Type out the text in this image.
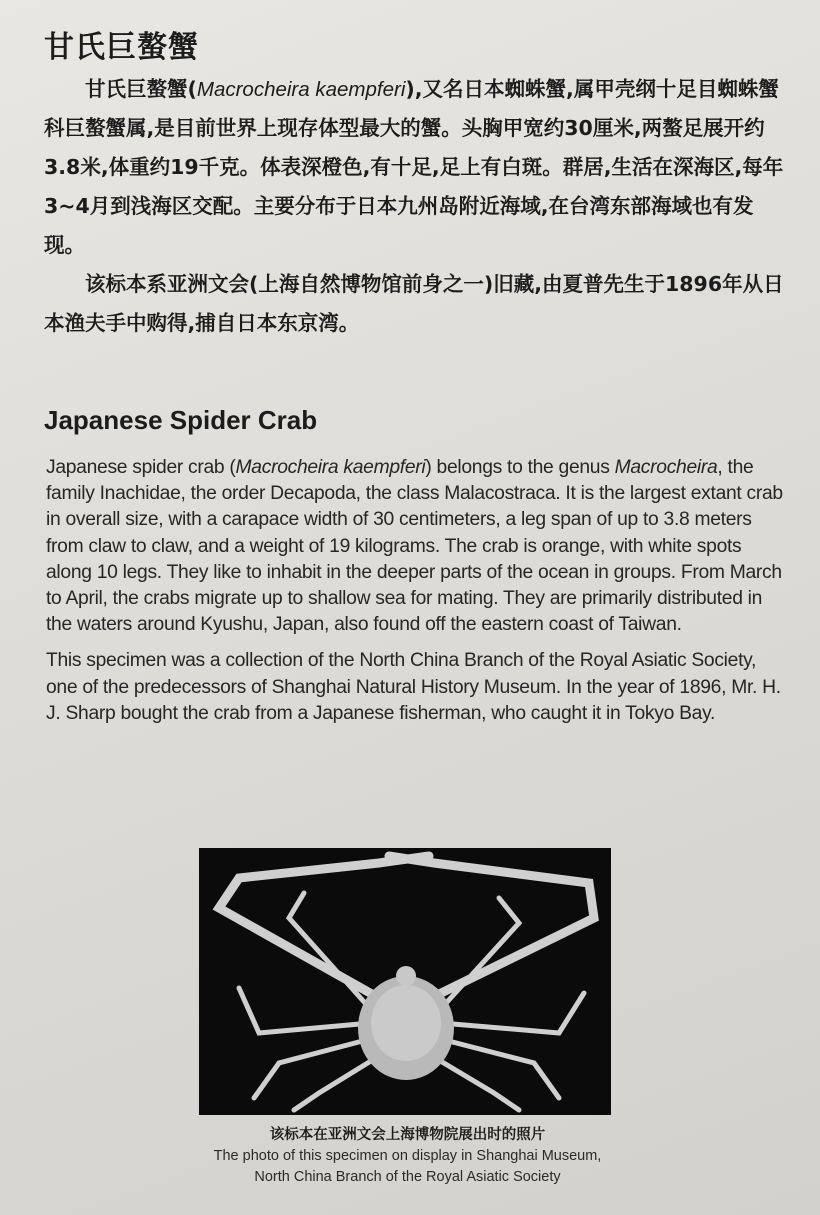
甘氏巨螯蟹

甘氏巨螯蟹(Macrocheira kaempferi),又名日本蜘蛛蟹,属甲壳纲十足目蜘蛛蟹科巨螯蟹属,是目前世界上现存体型最大的蟹。头胸甲宽约30厘米,两螯足展开约3.8米,体重约19千克。体表深橙色,有十足,足上有白斑。群居,生活在深海区,每年3~4月到浅海区交配。主要分布于日本九州岛附近海域,在台湾东部海域也有发现。

该标本系亚洲文会(上海自然博物馆前身之一)旧藏,由夏普先生于1896年从日本渔夫手中购得,捕自日本东京湾。

Japanese Spider Crab

Japanese spider crab (Macrocheira kaempferi) belongs to the genus Macrocheira, the family Inachidae, the order Decapoda, the class Malacostraca. It is the largest extant crab in overall size, with a carapace width of 30 centimeters, a leg span of up to 3.8 meters from claw to claw, and a weight of 19 kilograms. The crab is orange, with white spots along 10 legs. They like to inhabit in the deeper parts of the ocean in groups. From March to April, the crabs migrate up to shallow sea for mating. They are primarily distributed in the waters around Kyushu, Japan, also found off the eastern coast of Taiwan.

This specimen was a collection of the North China Branch of the Royal Asiatic Society, one of the predecessors of Shanghai Natural History Museum. In the year of 1896, Mr. H. J. Sharp bought the crab from a Japanese fisherman, who caught it in Tokyo Bay.

该标本在亚洲文会上海博物院展出时的照片
The photo of this specimen on display in Shanghai Museum,
North China Branch of the Royal Asiatic Society
